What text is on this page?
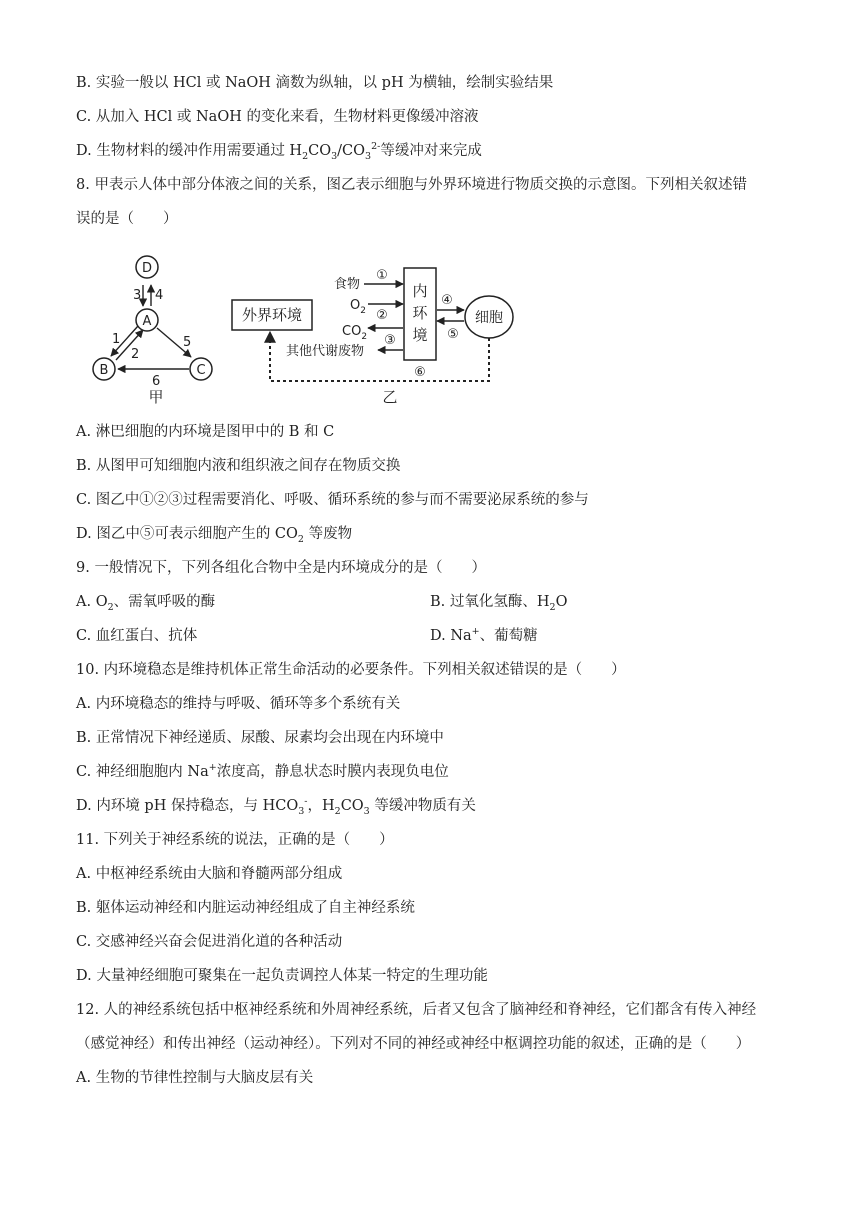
B. 实验一般以 HCl 或 NaOH 滴数为纵轴，以 pH 为横轴，绘制实验结果
C. 从加入 HCl 或 NaOH 的变化来看，生物材料更像缓冲溶液
D. 生物材料的缓冲作用需要通过 $H_2CO_3/CO_3^{2-}$等缓冲对来完成
8. 甲表示人体中部分体液之间的关系，图乙表示细胞与外界环境进行物质交换的示意图。下列相关叙述错
误的是（　　）
D
A
B	C
3 4
1
2
5
6
甲
外界环境
内
环
境
细胞
食物
①
$O_2$ ②
$CO_2$
其他代谢废物
③
④
⑤
⑥
乙
A. 淋巴细胞的内环境是图甲中的 B 和 C
B. 从图甲可知细胞内液和组织液之间存在物质交换
C. 图乙中①②③过程需要消化、呼吸、循环系统的参与而不需要泌尿系统的参与
D. 图乙中⑤可表示细胞产生的 $CO_2$ 等废物
9. 一般情况下，下列各组化合物中全是内环境成分的是（　　）
A. $O_2$、需氧呼吸的酶	B. 过氧化氢酶、$H_2O$
C. 血红蛋白、抗体	D. Na+、葡萄糖
10. 内环境稳态是维持机体正常生命活动的必要条件。下列相关叙述错误的是（　　）
A. 内环境稳态的维持与呼吸、循环等多个系统有关
B. 正常情况下神经递质、尿酸、尿素均会出现在内环境中
C. 神经细胞胞内 Na+浓度高，静息状态时膜内表现负电位
D. 内环境 pH 保持稳态，与 $HCO_3^-$，$H_2CO_3$ 等缓冲物质有关
11. 下列关于神经系统的说法，正确的是（　　）
A. 中枢神经系统由大脑和脊髓两部分组成
B. 躯体运动神经和内脏运动神经组成了自主神经系统
C. 交感神经兴奋会促进消化道的各种活动
D. 大量神经细胞可聚集在一起负责调控人体某一特定的生理功能
12. 人的神经系统包括中枢神经系统和外周神经系统，后者又包含了脑神经和脊神经，它们都含有传入神经
（感觉神经）和传出神经（运动神经）。下列对不同的神经或神经中枢调控功能的叙述，正确的是（　　）
A. 生物的节律性控制与大脑皮层有关
